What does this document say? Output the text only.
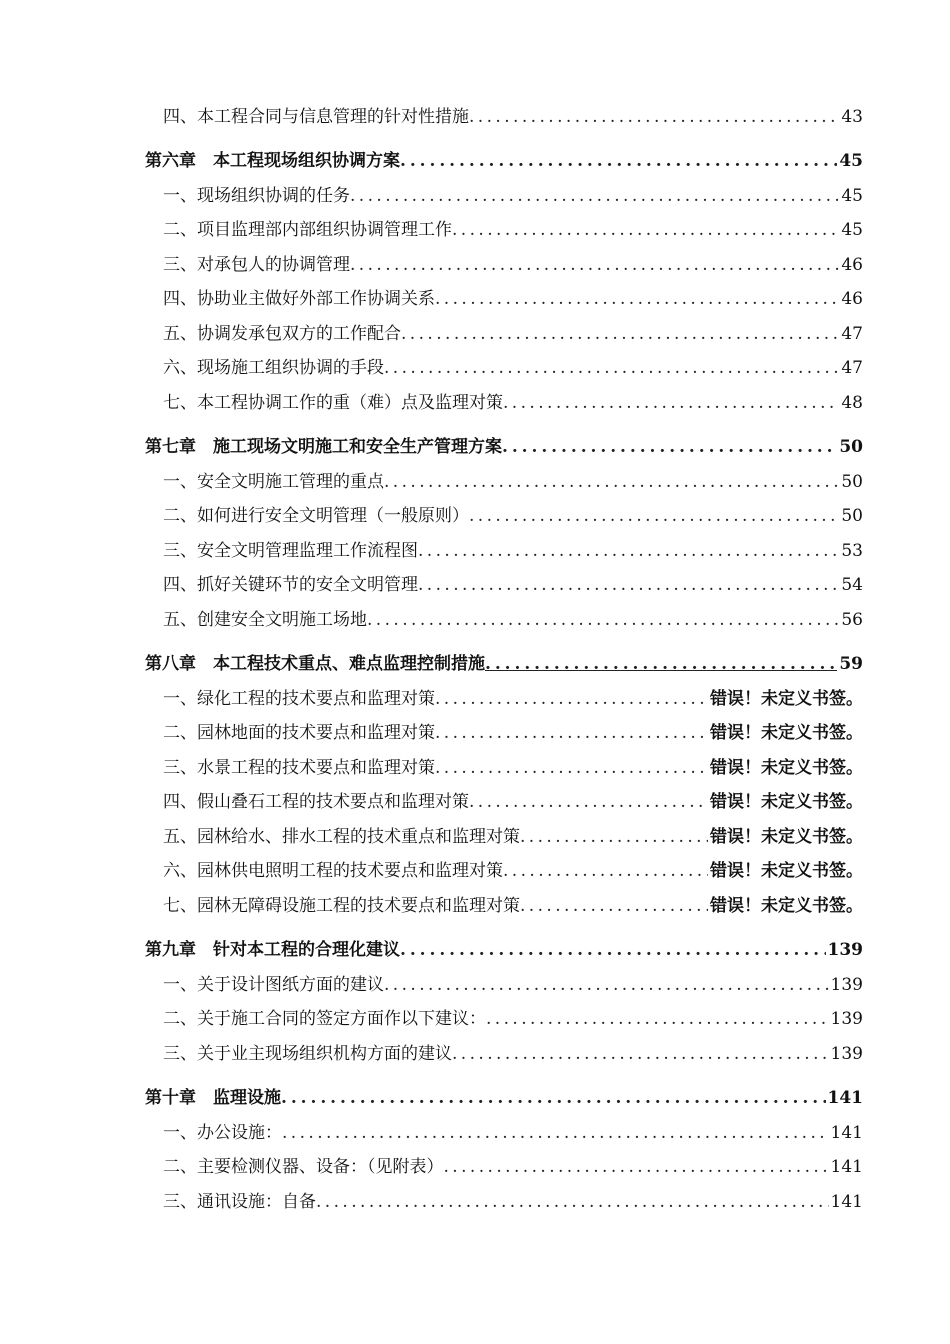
四、本工程合同与信息管理的针对性措施 . . .	43
第六章　本工程现场组织协调方案 . . .	45
一、现场组织协调的任务 . . .	45
二、项目监理部内部组织协调管理工作 . . .	45
三、对承包人的协调管理 . . .	46
四、协助业主做好外部工作协调关系 . . .	46
五、协调发承包双方的工作配合 . . .	47
六、现场施工组织协调的手段 . . .	47
七、本工程协调工作的重（难）点及监理对策 . . .	48
第七章　施工现场文明施工和安全生产管理方案 . . .	50
一、安全文明施工管理的重点 . . .	50
二、如何进行安全文明管理（一般原则） . . .	50
三、安全文明管理监理工作流程图 . . .	53
四、抓好关键环节的安全文明管理 . . .	54
五、创建安全文明施工场地 . . .	56
第八章　本工程技术重点、难点监理控制措施 . . .	59
一、绿化工程的技术要点和监理对策 . . .	错误！未定义书签。
二、园林地面的技术要点和监理对策 . . .	错误！未定义书签。
三、水景工程的技术要点和监理对策 . . .	错误！未定义书签。
四、假山叠石工程的技术要点和监理对策 . . .	错误！未定义书签。
五、园林给水、排水工程的技术重点和监理对策 . . .	错误！未定义书签。
六、园林供电照明工程的技术要点和监理对策 . . .	错误！未定义书签。
七、园林无障碍设施工程的技术要点和监理对策 . . .	错误！未定义书签。
第九章　针对本工程的合理化建议 . . .	139
一、关于设计图纸方面的建议 . . .	139
二、关于施工合同的签定方面作以下建议： . . .	139
三、关于业主现场组织机构方面的建议 . . .	139
第十章　监理设施 . . .	141
一、办公设施： . . .	141
二、主要检测仪器、设备：（见附表） . . .	141
三、通讯设施：自备 . . .	141
